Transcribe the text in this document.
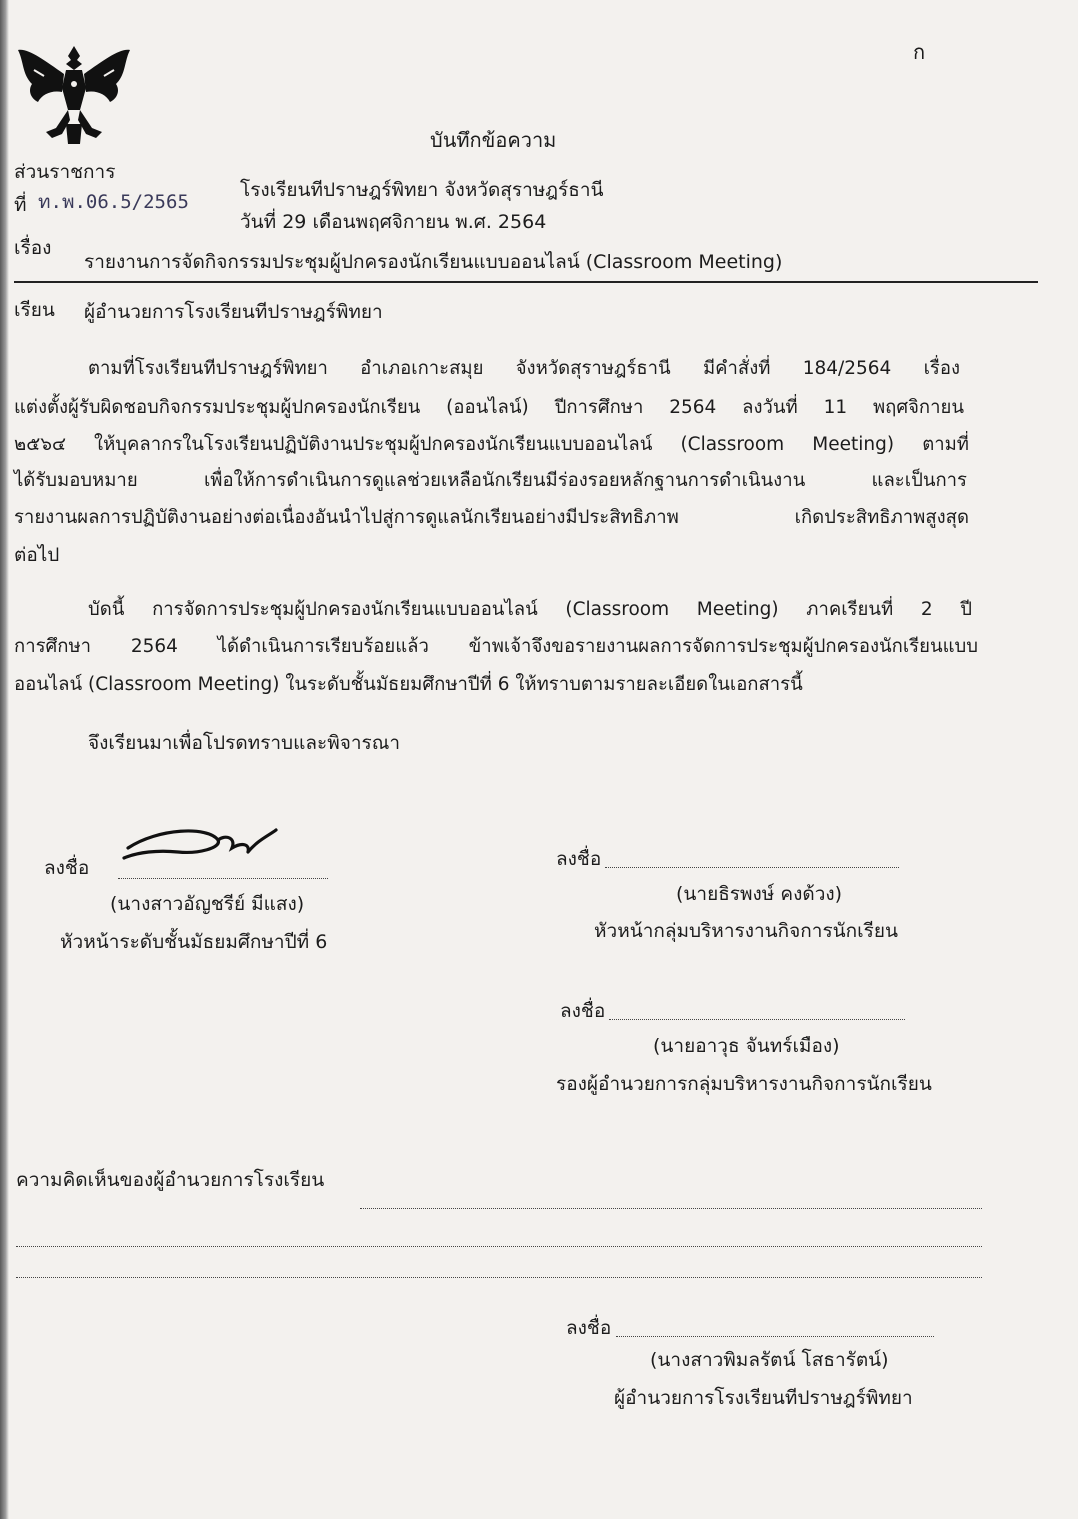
ก
บันทึกข้อความ
ส่วนราชการ
โรงเรียนทีปราษฎร์พิทยา จังหวัดสุราษฎร์ธานี
ที่ ท.พ.06.5/2565
วันที่ 29 เดือนพฤศจิกายน พ.ศ. 2564
เรื่อง
รายงานการจัดกิจกรรมประชุมผู้ปกครองนักเรียนแบบออนไลน์ (Classroom Meeting)
เรียน ผู้อำนวยการโรงเรียนทีปราษฎร์พิทยา
ตามที่โรงเรียนทีปราษฎร์พิทยา อำเภอเกาะสมุย จังหวัดสุราษฎร์ธานี มีคำสั่งที่ 184/2564 เรื่อง
แต่งตั้งผู้รับผิดชอบกิจกรรมประชุมผู้ปกครองนักเรียน (ออนไลน์) ปีการศึกษา 2564 ลงวันที่ 11 พฤศจิกายน
๒๕๖๔ ให้บุคลากรในโรงเรียนปฏิบัติงานประชุมผู้ปกครองนักเรียนแบบออนไลน์ (Classroom Meeting) ตามที่
ได้รับมอบหมาย เพื่อให้การดำเนินการดูแลช่วยเหลือนักเรียนมีร่องรอยหลักฐานการดำเนินงาน และเป็นการ
รายงานผลการปฏิบัติงานอย่างต่อเนื่องอันนำไปสู่การดูแลนักเรียนอย่างมีประสิทธิภาพ เกิดประสิทธิภาพสูงสุด
ต่อไป
บัดนี้ การจัดการประชุมผู้ปกครองนักเรียนแบบออนไลน์ (Classroom Meeting) ภาคเรียนที่ 2 ปี
การศึกษา 2564 ได้ดำเนินการเรียบร้อยแล้ว ข้าพเจ้าจึงขอรายงานผลการจัดการประชุมผู้ปกครองนักเรียนแบบ
ออนไลน์ (Classroom Meeting) ในระดับชั้นมัธยมศึกษาปีที่ 6 ให้ทราบตามรายละเอียดในเอกสารนี้
จึงเรียนมาเพื่อโปรดทราบและพิจารณา
ลงชื่อ
(นางสาวอัญชรีย์ มีแสง)
หัวหน้าระดับชั้นมัธยมศึกษาปีที่ 6
ลงชื่อ
(นายธิรพงษ์ คงด้วง)
หัวหน้ากลุ่มบริหารงานกิจการนักเรียน
ลงชื่อ
(นายอาวุธ จันทร์เมือง)
รองผู้อำนวยการกลุ่มบริหารงานกิจการนักเรียน
ความคิดเห็นของผู้อำนวยการโรงเรียน
ลงชื่อ
(นางสาวพิมลรัตน์ โสธารัตน์)
ผู้อำนวยการโรงเรียนทีปราษฎร์พิทยา
